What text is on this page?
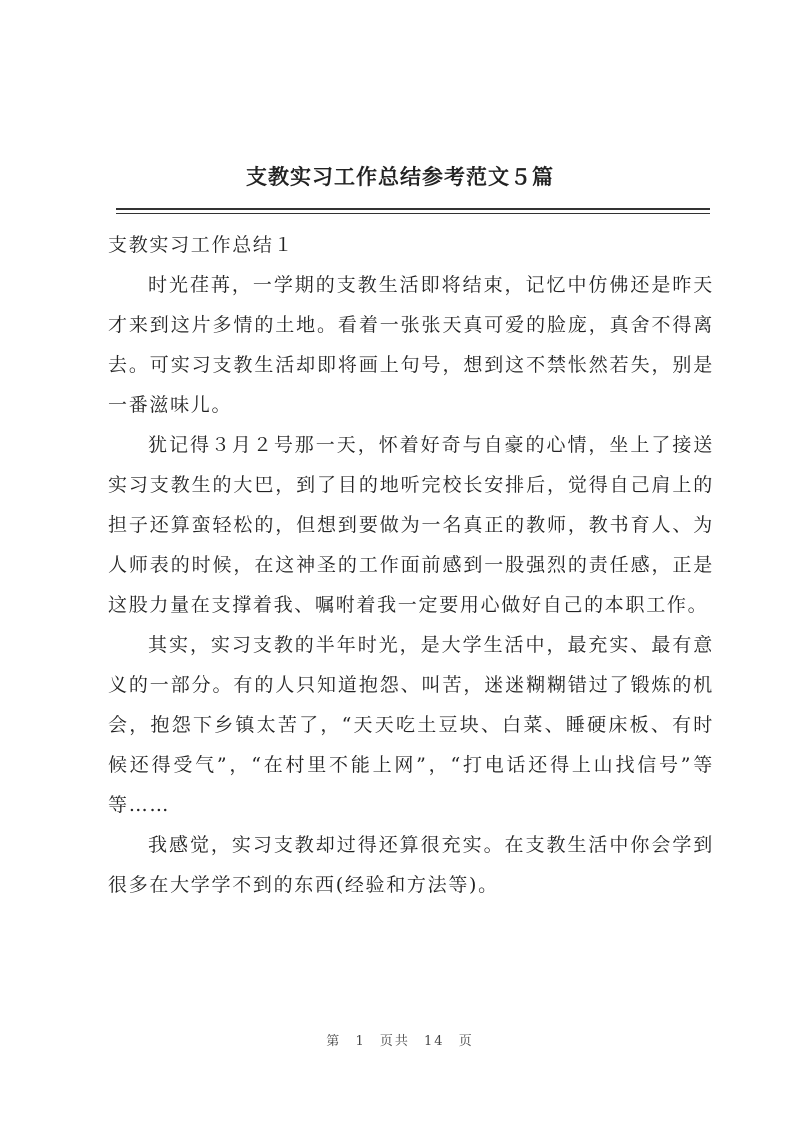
支教实习工作总结参考范文５篇

支教实习工作总结１

时光荏苒，一学期的支教生活即将结束，记忆中仿佛还是昨天才来到这片多情的土地。看着一张张天真可爱的脸庞，真舍不得离去。可实习支教生活却即将画上句号，想到这不禁怅然若失，别是一番滋味儿。

犹记得３月２号那一天，怀着好奇与自豪的心情，坐上了接送实习支教生的大巴，到了目的地听完校长安排后，觉得自己肩上的担子还算蛮轻松的，但想到要做为一名真正的教师，教书育人、为人师表的时候，在这神圣的工作面前感到一股强烈的责任感，正是这股力量在支撑着我、嘱咐着我一定要用心做好自己的本职工作。

其实，实习支教的半年时光，是大学生活中，最充实、最有意义的一部分。有的人只知道抱怨、叫苦，迷迷糊糊错过了锻炼的机会，抱怨下乡镇太苦了，“天天吃土豆块、白菜、睡硬床板、有时候还得受气”，“在村里不能上网”，“打电话还得上山找信号”等等……

我感觉，实习支教却过得还算很充实。在支教生活中你会学到很多在大学学不到的东西(经验和方法等)。

第 1 页共 14 页
